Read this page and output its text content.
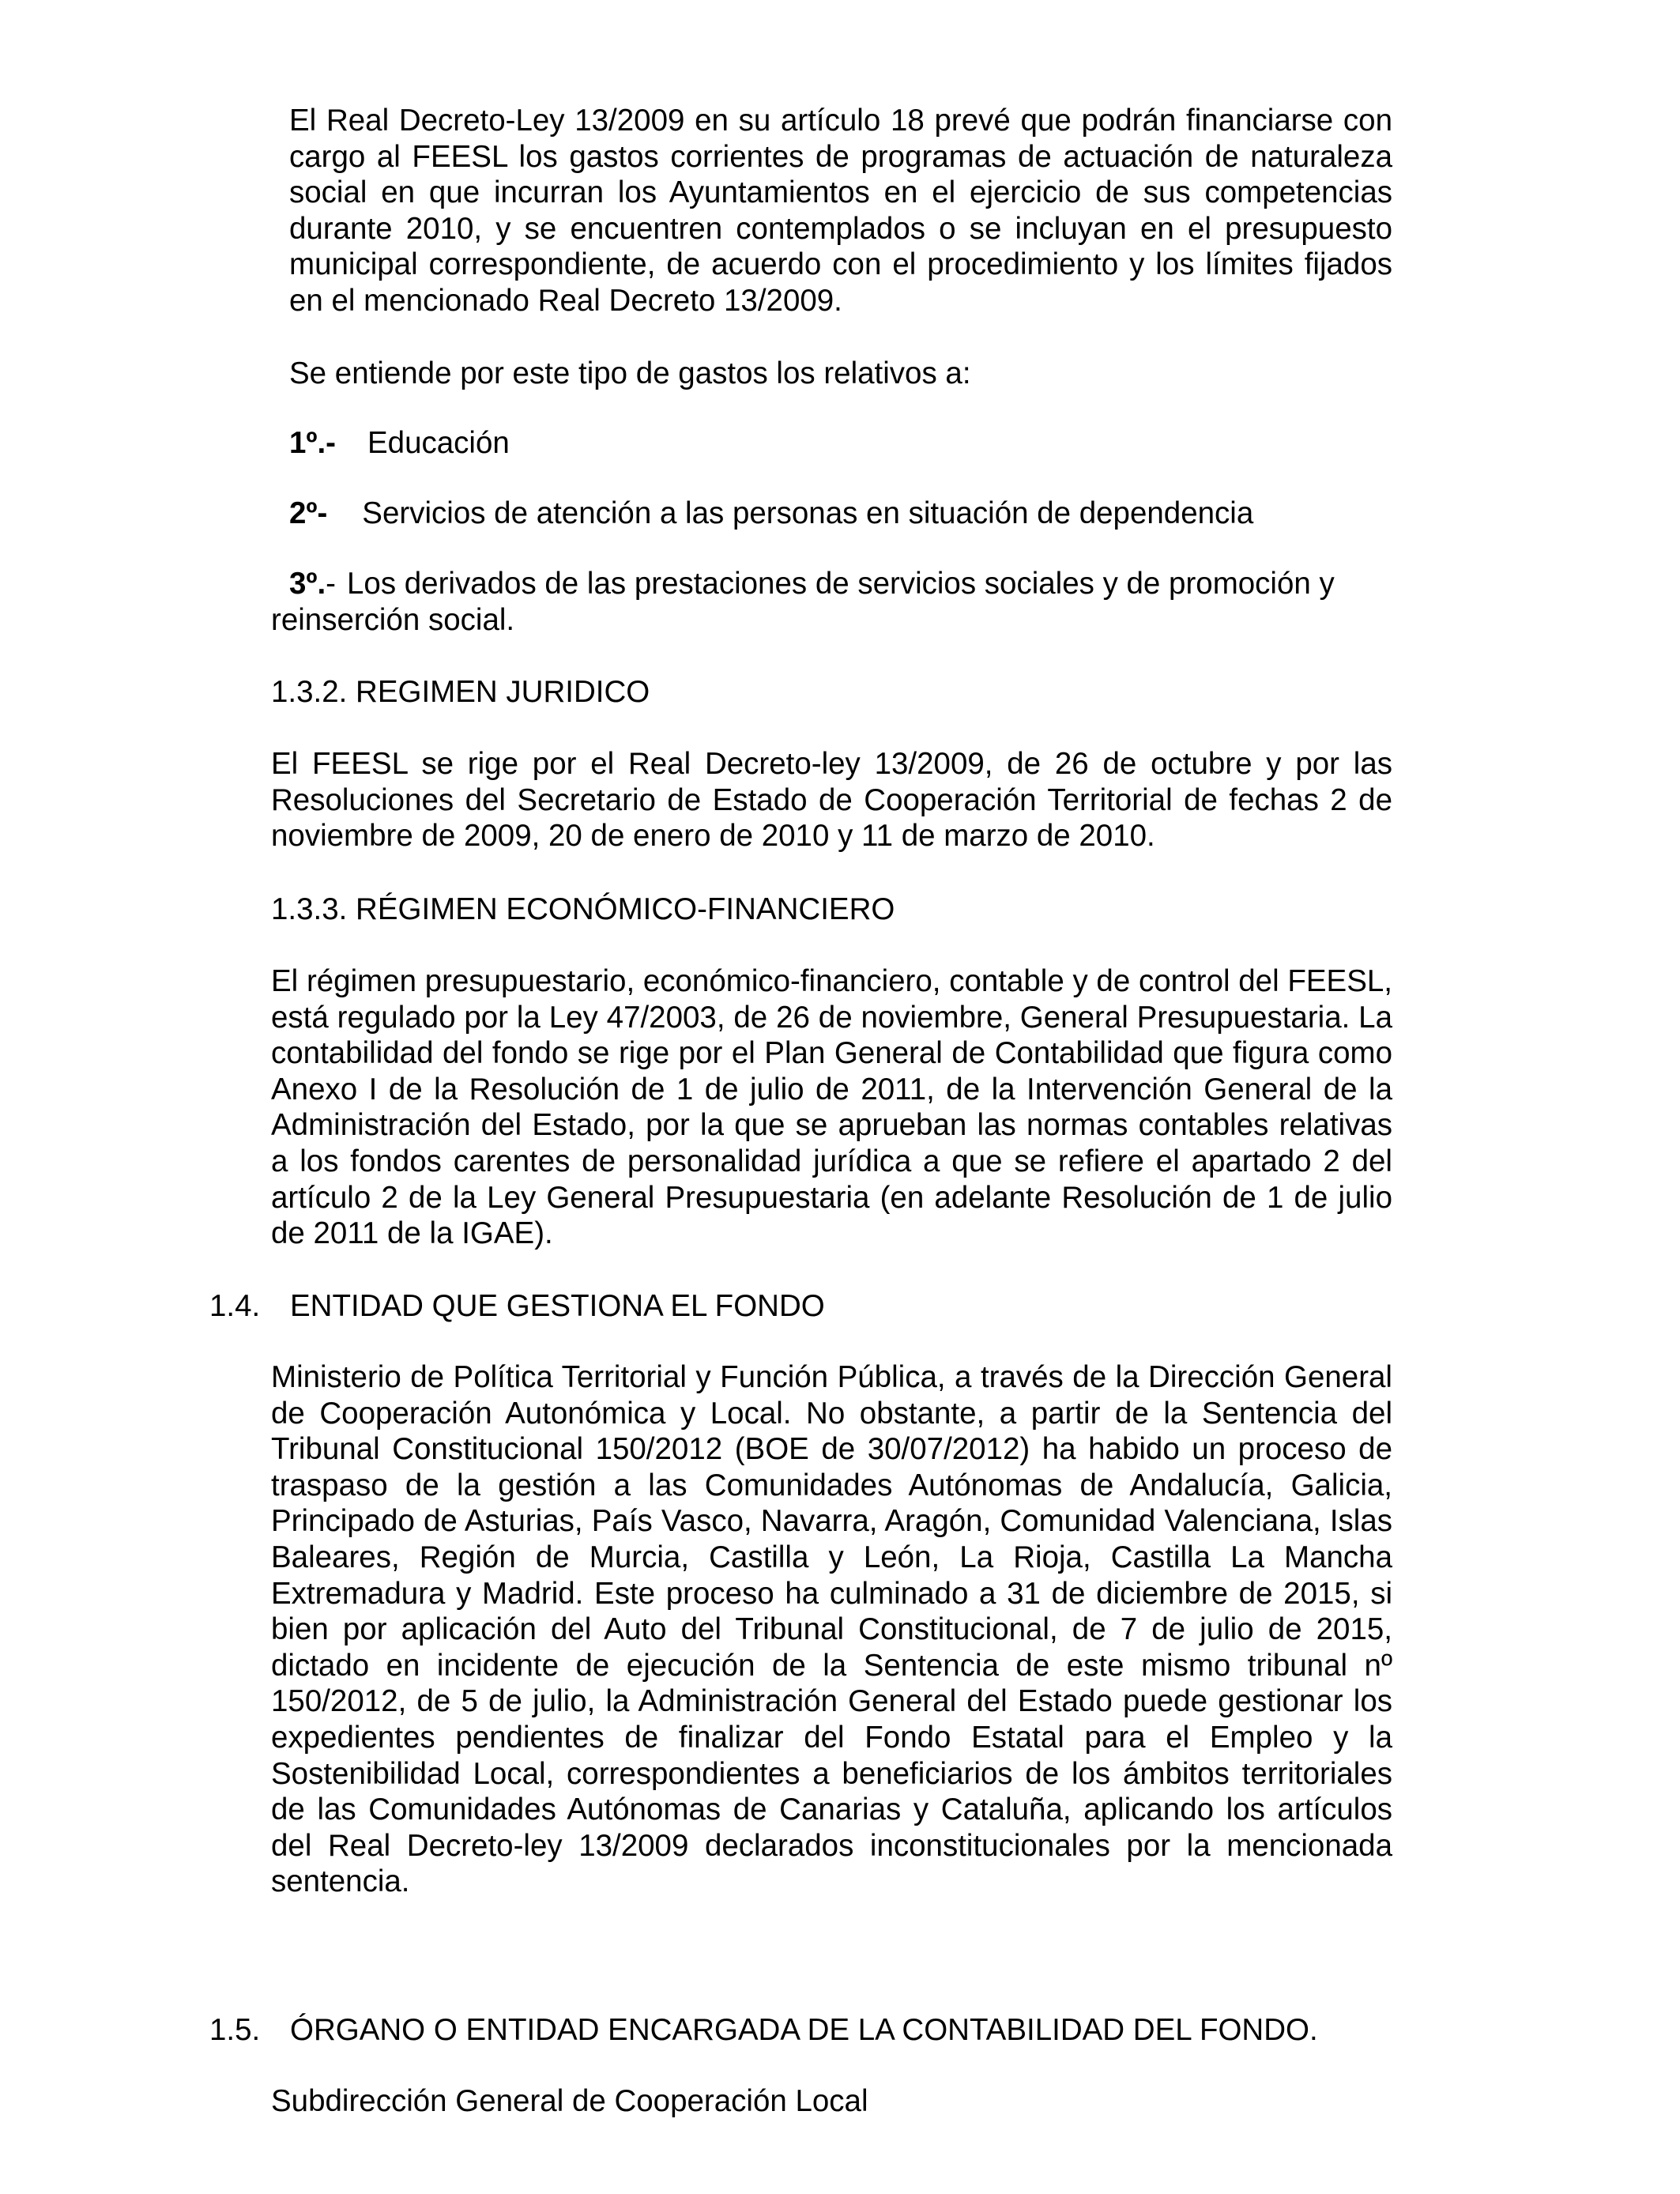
El Real Decreto-Ley 13/2009 en su artículo 18 prevé que podrán financiarse con cargo al FEESL los gastos corrientes de programas de actuación de naturaleza social en que incurran los Ayuntamientos en el ejercicio de sus competencias durante 2010, y se encuentren contemplados o se incluyan en el presupuesto municipal correspondiente, de acuerdo con el procedimiento y los límites fijados en el mencionado Real Decreto 13/2009.

Se entiende por este tipo de gastos los relativos a:

1º.- Educación
2º- Servicios de atención a las personas en situación de dependencia
3º.- Los derivados de las prestaciones de servicios sociales y de promoción y
reinserción social.
1.3.2. REGIMEN JURIDICO

El FEESL se rige por el Real Decreto-ley 13/2009, de 26 de octubre y por las Resoluciones del Secretario de Estado de Cooperación Territorial de fechas 2 de noviembre de 2009, 20 de enero de 2010 y 11 de marzo de 2010.

1.3.3. RÉGIMEN ECONÓMICO-FINANCIERO

El régimen presupuestario, económico-financiero, contable y de control del FEESL, está regulado por la Ley 47/2003, de 26 de noviembre, General Presupuestaria. La contabilidad del fondo se rige por el Plan General de Contabilidad que figura como Anexo I de la Resolución de 1 de julio de 2011, de la Intervención General de la Administración del Estado, por la que se aprueban las normas contables relativas a los fondos carentes de personalidad jurídica a que se refiere el apartado 2 del artículo 2 de la Ley General Presupuestaria (en adelante Resolución de 1 de julio de 2011 de la IGAE).

1.4. ENTIDAD QUE GESTIONA EL FONDO

Ministerio de Política Territorial y Función Pública, a través de la Dirección General de Cooperación Autonómica y Local. No obstante, a partir de la Sentencia del Tribunal Constitucional 150/2012 (BOE de 30/07/2012) ha habido un proceso de traspaso de la gestión a las Comunidades Autónomas de Andalucía, Galicia, Principado de Asturias, País Vasco, Navarra, Aragón, Comunidad Valenciana, Islas Baleares, Región de Murcia, Castilla y León, La Rioja, Castilla La Mancha Extremadura y Madrid. Este proceso ha culminado a 31 de diciembre de 2015, si bien por aplicación del Auto del Tribunal Constitucional, de 7 de julio de 2015, dictado en incidente de ejecución de la Sentencia de este mismo tribunal nº 150/2012, de 5 de julio, la Administración General del Estado puede gestionar los expedientes pendientes de finalizar del Fondo Estatal para el Empleo y la Sostenibilidad Local, correspondientes a beneficiarios de los ámbitos territoriales de las Comunidades Autónomas de Canarias y Cataluña, aplicando los artículos del Real Decreto-ley 13/2009 declarados inconstitucionales por la mencionada sentencia.

1.5. ÓRGANO O ENTIDAD ENCARGADA DE LA CONTABILIDAD DEL FONDO.

Subdirección General de Cooperación Local
